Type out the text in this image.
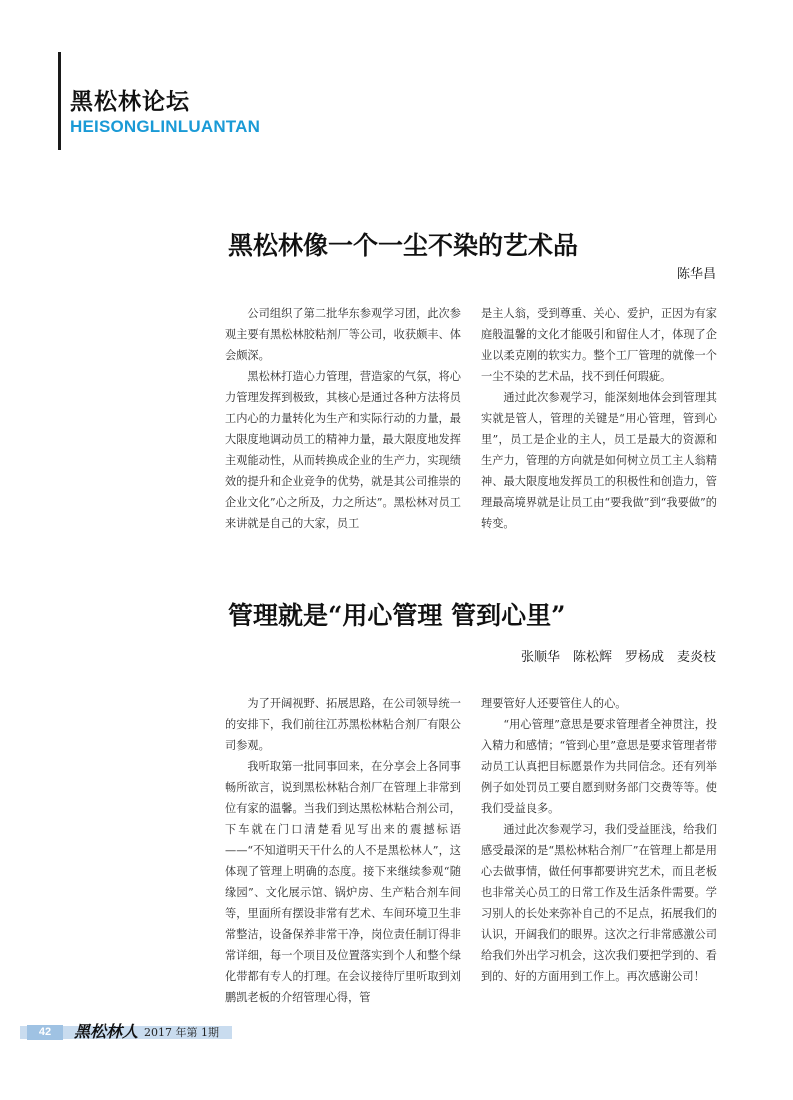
黑松林论坛
HEISONGLINLUANTAN
黑松林像一个一尘不染的艺术品
陈华昌

公司组织了第二批华东参观学习团，此次参观主要有黑松林胶粘剂厂等公司，收获颇丰、体会颇深。

黑松林打造心力管理，营造家的气氛，将心力管理发挥到极致，其核心是通过各种方法将员工内心的力量转化为生产和实际行动的力量，最大限度地调动员工的精神力量，最大限度地发挥主观能动性，从而转换成企业的生产力，实现绩效的提升和企业竞争的优势，就是其公司推崇的企业文化”心之所及，力之所达”。黑松林对员工来讲就是自己的大家，员工

是主人翁，受到尊重、关心、爱护，正因为有家庭般温馨的文化才能吸引和留住人才，体现了企业以柔克刚的软实力。整个工厂管理的就像一个一尘不染的艺术品，找不到任何瑕疵。

通过此次参观学习，能深刻地体会到管理其实就是管人，管理的关键是“用心管理，管到心里”，员工是企业的主人，员工是最大的资源和生产力，管理的方向就是如何树立员工主人翁精神、最大限度地发挥员工的积极性和创造力，管理最高境界就是让员工由“要我做”到“我要做”的转变。

管理就是“用心管理 管到心里”
张顺华　陈松辉　罗杨成　麦炎枝

为了开阔视野、拓展思路，在公司领导统一的安排下，我们前往江苏黑松林粘合剂厂有限公司参观。

我听取第一批同事回来，在分享会上各同事畅所欲言，说到黑松林粘合剂厂在管理上非常到位有家的温馨。当我们到达黑松林粘合剂公司，下车就在门口清楚看见写出来的震撼标语——“不知道明天干什么的人不是黑松林人”，这体现了管理上明确的态度。接下来继续参观“随缘园”、文化展示馆、锅炉房、生产粘合剂车间等，里面所有摆设非常有艺术、车间环境卫生非常整洁，设备保养非常干净，岗位责任制订得非常详细，每一个项目及位置落实到个人和整个绿化带都有专人的打理。在会议接待厅里听取到刘鹏凯老板的介绍管理心得，管

理要管好人还要管住人的心。

“用心管理”意思是要求管理者全神贯注，投入精力和感情；“管到心里”意思是要求管理者带动员工认真把目标愿景作为共同信念。还有列举例子如处罚员工要自愿到财务部门交费等等。使我们受益良多。

通过此次参观学习，我们受益匪浅，给我们感受最深的是“黑松林粘合剂厂”在管理上都是用心去做事情，做任何事都要讲究艺术，而且老板也非常关心员工的日常工作及生活条件需要。学习别人的长处来弥补自己的不足点，拓展我们的认识，开阔我们的眼界。这次之行非常感激公司给我们外出学习机会，这次我们要把学到的、看到的、好的方面用到工作上。再次感谢公司！

42	黑松林人 2017 年第 1期
